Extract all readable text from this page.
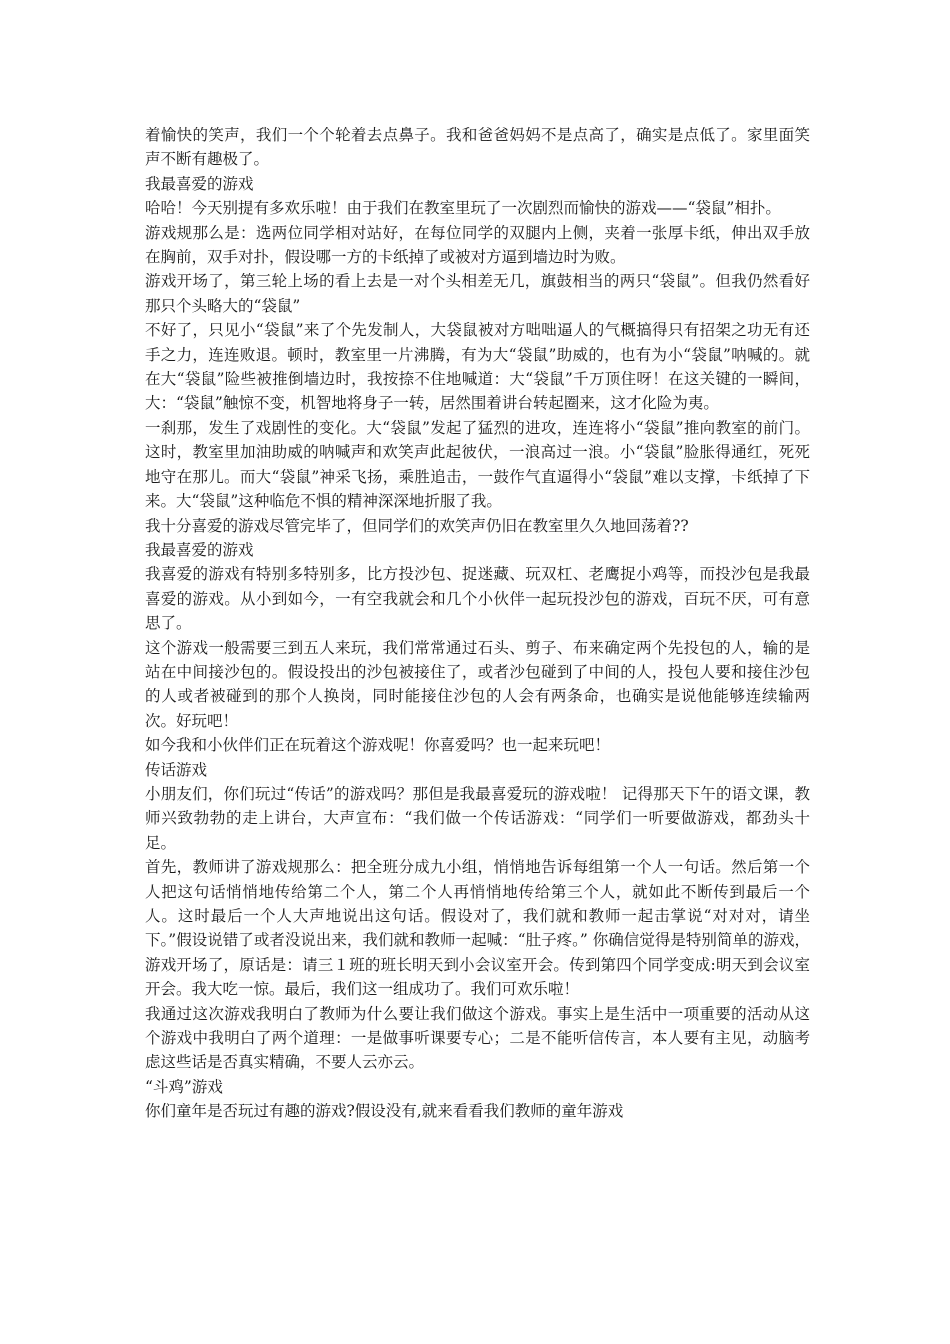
着愉快的笑声，我们一个个轮着去点鼻子。我和爸爸妈妈不是点高了，确实是点低了。家里面笑声不断有趣极了。

我最喜爱的游戏

哈哈！今天别提有多欢乐啦！由于我们在教室里玩了一次剧烈而愉快的游戏——“袋鼠”相扑。

游戏规那么是：选两位同学相对站好，在每位同学的双腿内上侧，夹着一张厚卡纸，伸出双手放在胸前，双手对扑，假设哪一方的卡纸掉了或被对方逼到墙边时为败。

游戏开场了，第三轮上场的看上去是一对个头相差无几，旗鼓相当的两只“袋鼠”。但我仍然看好那只个头略大的“袋鼠”

不好了，只见小“袋鼠”来了个先发制人，大袋鼠被对方咄咄逼人的气概搞得只有招架之功无有还手之力，连连败退。顿时，教室里一片沸腾，有为大“袋鼠”助威的，也有为小“袋鼠”呐喊的。就在大“袋鼠”险些被推倒墙边时，我按捺不住地喊道：大“袋鼠”千万顶住呀！在这关键的一瞬间，大：“袋鼠”触惊不变，机智地将身子一转，居然围着讲台转起圈来，这才化险为夷。

一刹那，发生了戏剧性的变化。大“袋鼠”发起了猛烈的进攻，连连将小“袋鼠”推向教室的前门。这时，教室里加油助威的呐喊声和欢笑声此起彼伏，一浪高过一浪。小“袋鼠”脸胀得通红，死死地守在那儿。而大“袋鼠”神采飞扬，乘胜追击，一鼓作气直逼得小“袋鼠”难以支撑，卡纸掉了下来。大“袋鼠”这种临危不惧的精神深深地折服了我。

我十分喜爱的游戏尽管完毕了，但同学们的欢笑声仍旧在教室里久久地回荡着??

我最喜爱的游戏

我喜爱的游戏有特别多特别多，比方投沙包、捉迷藏、玩双杠、老鹰捉小鸡等，而投沙包是我最喜爱的游戏。从小到如今，一有空我就会和几个小伙伴一起玩投沙包的游戏，百玩不厌，可有意思了。

这个游戏一般需要三到五人来玩，我们常常通过石头、剪子、布来确定两个先投包的人，输的是站在中间接沙包的。假设投出的沙包被接住了，或者沙包碰到了中间的人，投包人要和接住沙包的人或者被碰到的那个人换岗，同时能接住沙包的人会有两条命，也确实是说他能够连续输两次。好玩吧！

如今我和小伙伴们正在玩着这个游戏呢！你喜爱吗？也一起来玩吧！

传话游戏

小朋友们，你们玩过“传话”的游戏吗？那但是我最喜爱玩的游戏啦！ 记得那天下午的语文课，教师兴致勃勃的走上讲台，大声宣布：“我们做一个传话游戏：“同学们一听要做游戏，都劲头十足。

首先，教师讲了游戏规那么：把全班分成九小组，悄悄地告诉每组第一个人一句话。然后第一个人把这句话悄悄地传给第二个人，第二个人再悄悄地传给第三个人，就如此不断传到最后一个人。这时最后一个人大声地说出这句话。假设对了，我们就和教师一起击掌说“对对对，请坐下。”假设说错了或者没说出来，我们就和教师一起喊：“肚子疼。” 你确信觉得是特别简单的游戏，游戏开场了，原话是：请三１班的班长明天到小会议室开会。传到第四个同学变成:明天到会议室开会。我大吃一惊。最后，我们这一组成功了。我们可欢乐啦！

我通过这次游戏我明白了教师为什么要让我们做这个游戏。事实上是生活中一项重要的活动从这个游戏中我明白了两个道理：一是做事听课要专心；二是不能听信传言，本人要有主见，动脑考虑这些话是否真实精确，不要人云亦云。

“斗鸡”游戏

你们童年是否玩过有趣的游戏?假设没有,就来看看我们教师的童年游戏
